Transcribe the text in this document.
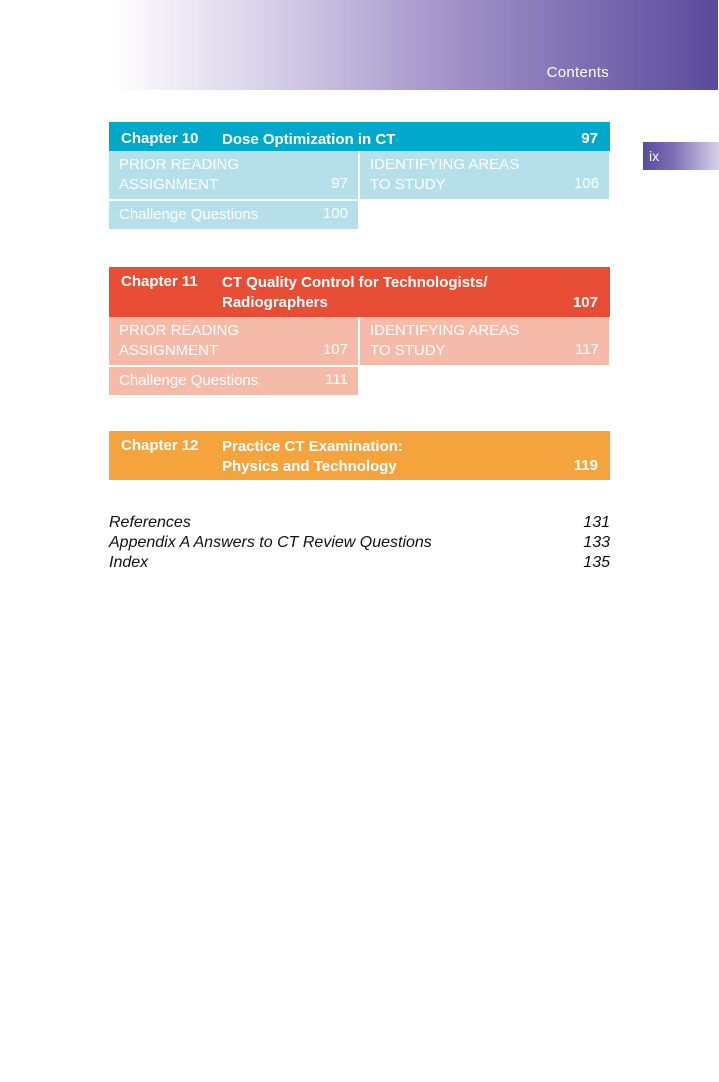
Contents
ix
Chapter 10	Dose Optimization in CT	97
PRIOR READING
ASSIGNMENT	97
IDENTIFYING AREAS
TO STUDY	106
Challenge Questions	100
Chapter 11	CT Quality Control for Technologists/ Radiographers	107
PRIOR READING
ASSIGNMENT	107
IDENTIFYING AREAS
TO STUDY	117
Challenge Questions	111
Chapter 12	Practice CT Examination: Physics and Technology	119
References	131
Appendix A Answers to CT Review Questions	133
Index	135
